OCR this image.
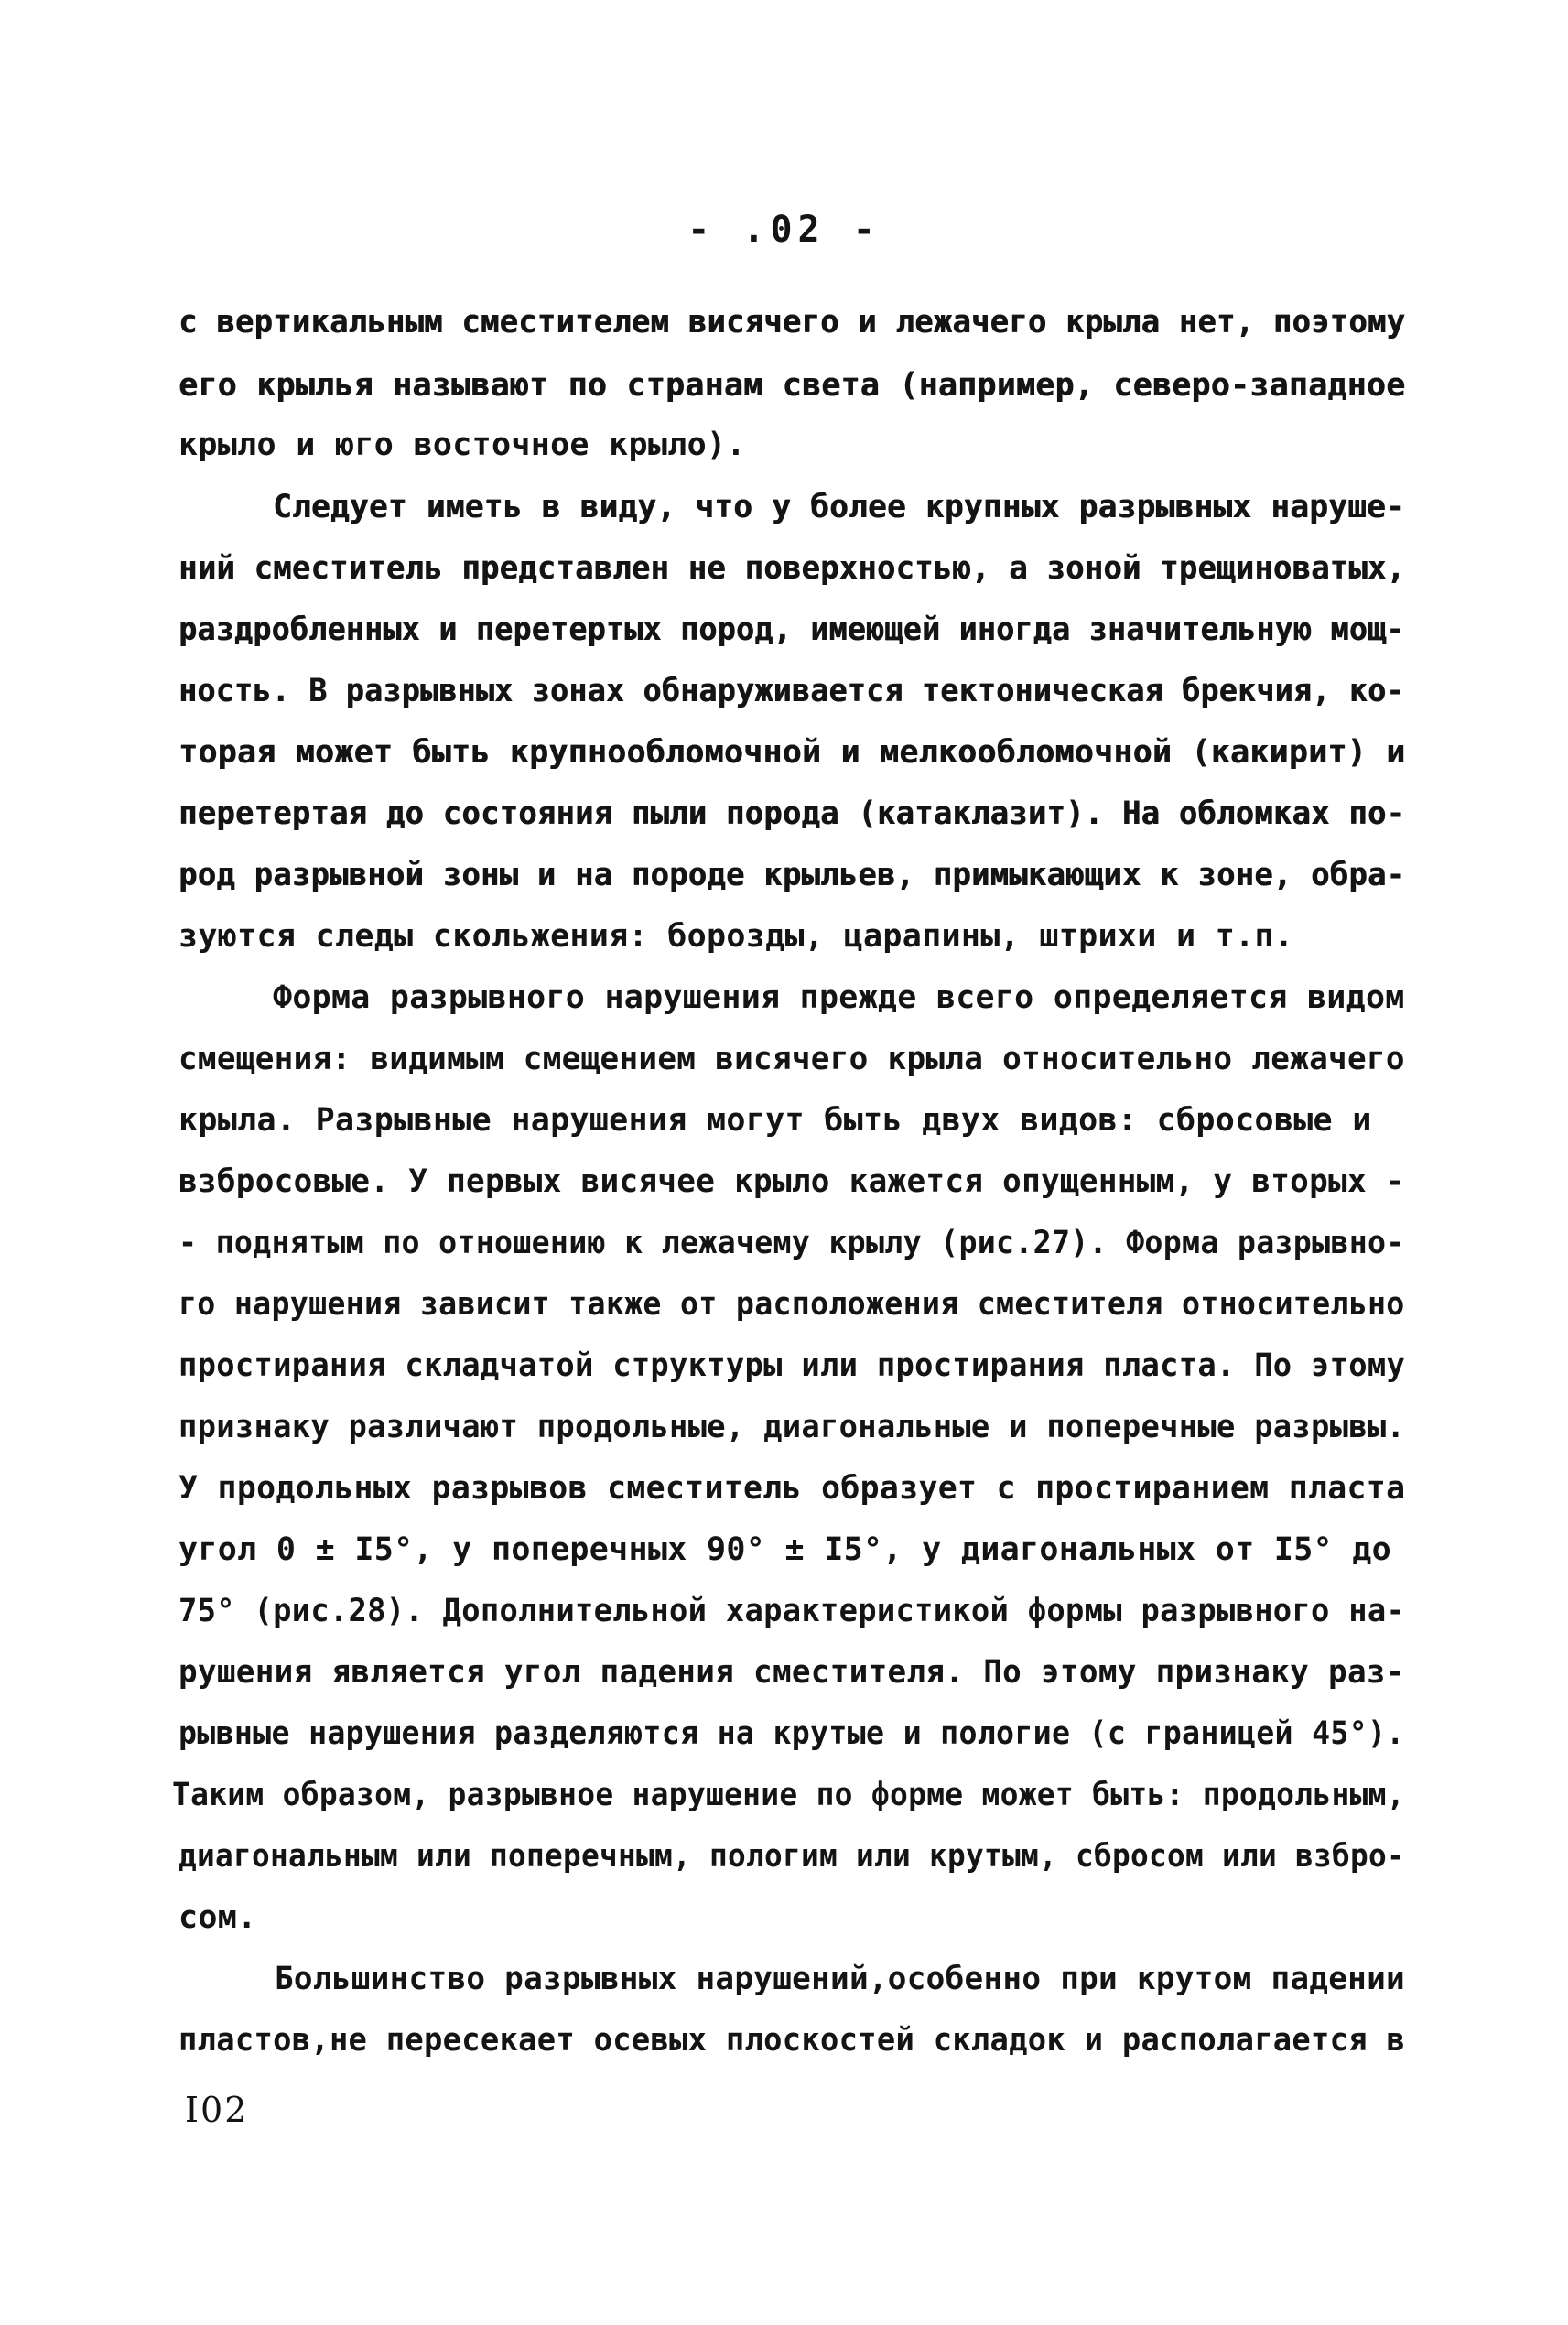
- .02 -
с вертикальным сместителем висячего и лежачего крыла нет, поэтому
его крылья называют по странам света (например, северо-западное
крыло и юго восточное крыло).
Следует иметь в виду, что у более крупных разрывных наруше-
ний сместитель представлен не поверхностью, а зоной трещиноватых,
раздробленных и перетертых пород, имеющей иногда значительную мощ-
ность. В разрывных зонах обнаруживается тектоническая брекчия, ко-
торая может быть крупнообломочной и мелкообломочной (какирит) и
перетертая до состояния пыли порода (катаклазит). На обломках по-
род разрывной зоны и на породе крыльев, примыкающих к зоне, обра-
зуются следы скольжения: борозды, царапины, штрихи и т.п.
Форма разрывного нарушения прежде всего определяется видом
смещения: видимым смещением висячего крыла относительно лежачего
крыла. Разрывные нарушения могут быть двух видов: сбросовые и
взбросовые. У первых висячее крыло кажется опущенным, у вторых -
- поднятым по отношению к лежачему крылу (рис.27). Форма разрывно-
го нарушения зависит также от расположения сместителя относительно
простирания складчатой структуры или простирания пласта. По этому
признаку различают продольные, диагональные и поперечные разрывы.
У продольных разрывов сместитель образует с простиранием пласта
угол 0 ± I5°, у поперечных 90° ± I5°, у диагональных от I5° до
75° (рис.28). Дополнительной характеристикой формы разрывного на-
рушения является угол падения сместителя. По этому признаку раз-
рывные нарушения разделяются на крутые и пологие (с границей 45°).
Таким образом, разрывное нарушение по форме может быть: продольным,
диагональным или поперечным, пологим или крутым, сбросом или взбро-
сом.
Большинство разрывных нарушений,особенно при крутом падении
пластов,не пересекает осевых плоскостей складок и располагается в
I02
